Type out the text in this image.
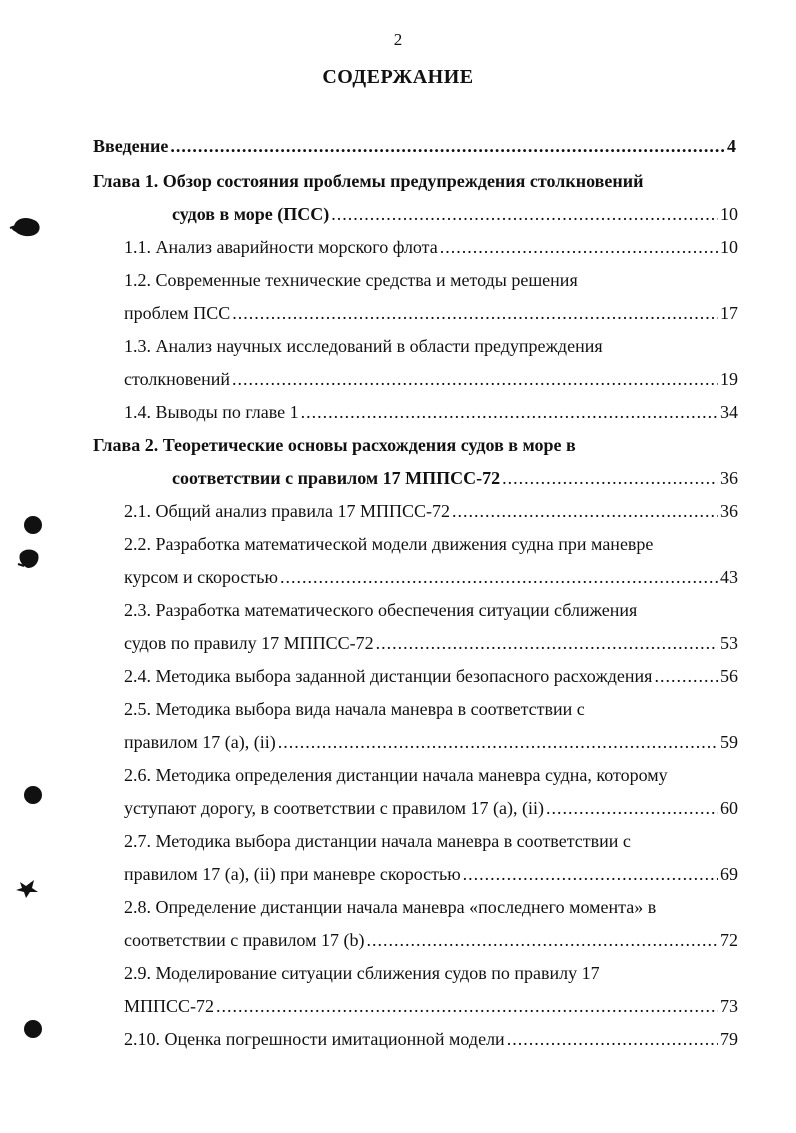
2
СОДЕРЖАНИЕ
Введение .....	4
Глава 1. Обзор состояния проблемы предупреждения столкновений
судов в море (ПСС) .....	10
1.1. Анализ аварийности морского флота .....	10
1.2. Современные технические средства и методы решения
проблем ПСС .....	17
1.3. Анализ научных исследований в области предупреждения
столкновений .....	19
1.4. Выводы по главе 1 .....	34
Глава 2. Теоретические основы расхождения судов в море в
соответствии с правилом 17 МППСС-72 .....	36
2.1. Общий анализ правила 17 МППСС-72 .....	36
2.2. Разработка математической модели движения судна при маневре
курсом и скоростью .....	43
2.3. Разработка математического обеспечения ситуации сближения
судов по правилу 17 МППСС-72 .....	53
2.4. Методика выбора заданной дистанции безопасного расхождения .....	56
2.5. Методика выбора вида начала маневра в соответствии с
правилом 17 (а), (ii) .....	59
2.6. Методика определения дистанции начала маневра судна, которому
уступают дорогу, в соответствии с правилом 17 (а), (ii) .....	60
2.7. Методика выбора дистанции начала маневра в соответствии с
правилом 17 (а), (ii) при маневре скоростью .....	69
2.8. Определение дистанции начала маневра «последнего момента» в
соответствии с правилом 17 (b) .....	72
2.9. Моделирование ситуации сближения судов по правилу 17
МППСС-72 .....	73
2.10. Оценка погрешности имитационной модели .....	79
